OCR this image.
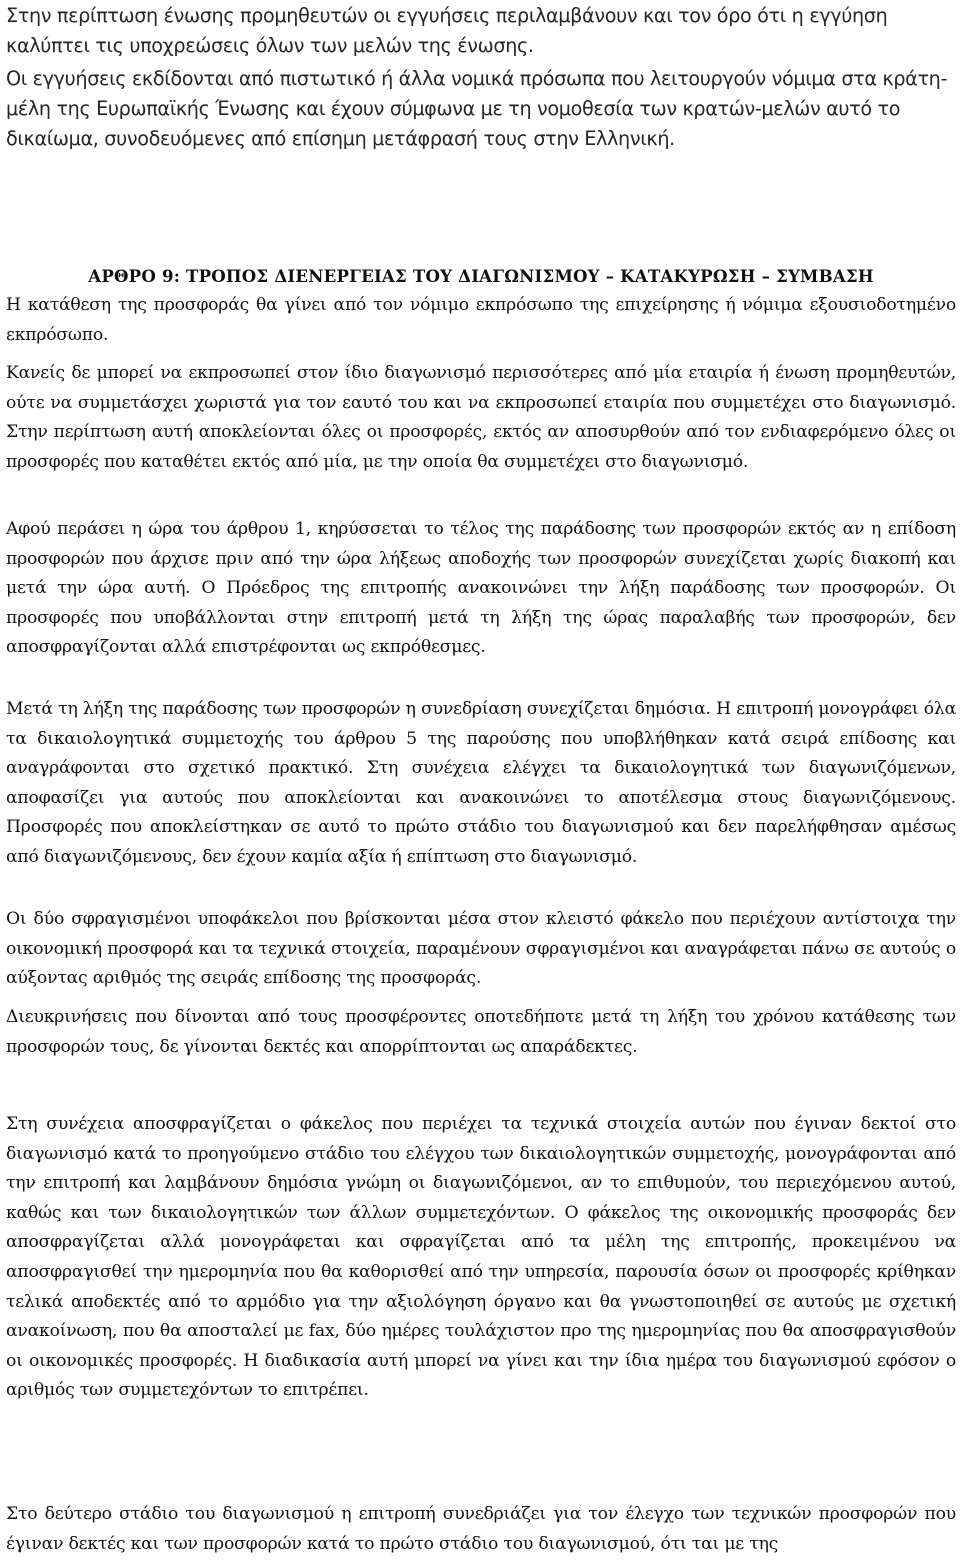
Στην περίπτωση ένωσης προμηθευτών οι εγγυήσεις περιλαμβάνουν και τον όρο ότι η εγγύηση καλύπτει τις υποχρεώσεις όλων των μελών της ένωσης.

Οι εγγυήσεις εκδίδονται από πιστωτικό ή άλλα νομικά πρόσωπα που λειτουργούν νόμιμα στα κράτη-μέλη της Ευρωπαϊκής Ένωσης και έχουν σύμφωνα με τη νομοθεσία των κρατών-μελών αυτό το δικαίωμα, συνοδευόμενες από επίσημη μετάφρασή τους στην Ελληνική.

ΑΡΘΡΟ 9: ΤΡΟΠΟΣ ΔΙΕΝΕΡΓΕΙΑΣ ΤΟΥ ΔΙΑΓΩΝΙΣΜΟΥ – ΚΑΤΑΚΥΡΩΣΗ – ΣΥΜΒΑΣΗ

Η κατάθεση της προσφοράς θα γίνει από τον νόμιμο εκπρόσωπο της επιχείρησης ή νόμιμα εξουσιοδοτημένο εκπρόσωπο.

Κανείς δε μπορεί να εκπροσωπεί στον ίδιο διαγωνισμό περισσότερες από μία εταιρία ή ένωση προμηθευτών, ούτε να συμμετάσχει χωριστά για τον εαυτό του και να εκπροσωπεί εταιρία που συμμετέχει στο διαγωνισμό. Στην περίπτωση αυτή αποκλείονται όλες οι προσφορές, εκτός αν αποσυρθούν από τον ενδιαφερόμενο όλες οι προσφορές που καταθέτει εκτός από μία, με την οποία θα συμμετέχει στο διαγωνισμό.

Αφού περάσει η ώρα του άρθρου 1, κηρύσσεται το τέλος της παράδοσης των προσφορών εκτός αν η επίδοση προσφορών που άρχισε πριν από την ώρα λήξεως αποδοχής των προσφορών συνεχίζεται χωρίς διακοπή και μετά την ώρα αυτή. Ο Πρόεδρος της επιτροπής ανακοινώνει την λήξη παράδοσης των προσφορών. Οι προσφορές που υποβάλλονται στην επιτροπή μετά τη λήξη της ώρας παραλαβής των προσφορών, δεν αποσφραγίζονται αλλά επιστρέφονται ως εκπρόθεσμες.

Μετά τη λήξη της παράδοσης των προσφορών η συνεδρίαση συνεχίζεται δημόσια. Η επιτροπή μονογράφει όλα τα δικαιολογητικά συμμετοχής του άρθρου 5 της παρούσης που υποβλήθηκαν κατά σειρά επίδοσης και αναγράφονται στο σχετικό πρακτικό. Στη συνέχεια ελέγχει τα δικαιολογητικά των διαγωνιζόμενων, αποφασίζει για αυτούς που αποκλείονται και ανακοινώνει το αποτέλεσμα στους διαγωνιζόμενους. Προσφορές που αποκλείστηκαν σε αυτό το πρώτο στάδιο του διαγωνισμού και δεν παρελήφθησαν αμέσως από διαγωνιζόμενους, δεν έχουν καμία αξία ή επίπτωση στο διαγωνισμό.

Οι δύο σφραγισμένοι υποφάκελοι που βρίσκονται μέσα στον κλειστό φάκελο που περιέχουν αντίστοιχα την οικονομική προσφορά και τα τεχνικά στοιχεία, παραμένουν σφραγισμένοι και αναγράφεται πάνω σε αυτούς ο αύξοντας αριθμός της σειράς επίδοσης της προσφοράς.

Διευκρινήσεις που δίνονται από τους προσφέροντες οποτεδήποτε μετά τη λήξη του χρόνου κατάθεσης των προσφορών τους, δε γίνονται δεκτές και απορρίπτονται ως απαράδεκτες.

Στη συνέχεια αποσφραγίζεται ο φάκελος που περιέχει τα τεχνικά στοιχεία αυτών που έγιναν δεκτοί στο διαγωνισμό κατά το προηγούμενο στάδιο του ελέγχου των δικαιολογητικών συμμετοχής, μονογράφονται από την επιτροπή και λαμβάνουν δημόσια γνώμη οι διαγωνιζόμενοι, αν το επιθυμούν, του περιεχόμενου αυτού, καθώς και των δικαιολογητικών των άλλων συμμετεχόντων. Ο φάκελος της οικονομικής προσφοράς δεν αποσφραγίζεται αλλά μονογράφεται και σφραγίζεται από τα μέλη της επιτροπής, προκειμένου να αποσφραγισθεί την ημερομηνία που θα καθορισθεί από την υπηρεσία, παρουσία όσων οι προσφορές κρίθηκαν τελικά αποδεκτές από το αρμόδιο για την αξιολόγηση όργανο και θα γνωστοποιηθεί σε αυτούς με σχετική ανακοίνωση, που θα αποσταλεί με fax, δύο ημέρες τουλάχιστον προ της ημερομηνίας που θα αποσφραγισθούν οι οικονομικές προσφορές. Η διαδικασία αυτή μπορεί να γίνει και την ίδια ημέρα του διαγωνισμού εφόσον ο αριθμός των συμμετεχόντων το επιτρέπει.

Στο δεύτερο στάδιο του διαγωνισμού η επιτροπή συνεδριάζει για τον έλεγχο των τεχνικών προσφορών που έγιναν δεκτές και των προσφορών κατά το πρώτο στάδιο του διαγωνισμού, ότι ται με της
